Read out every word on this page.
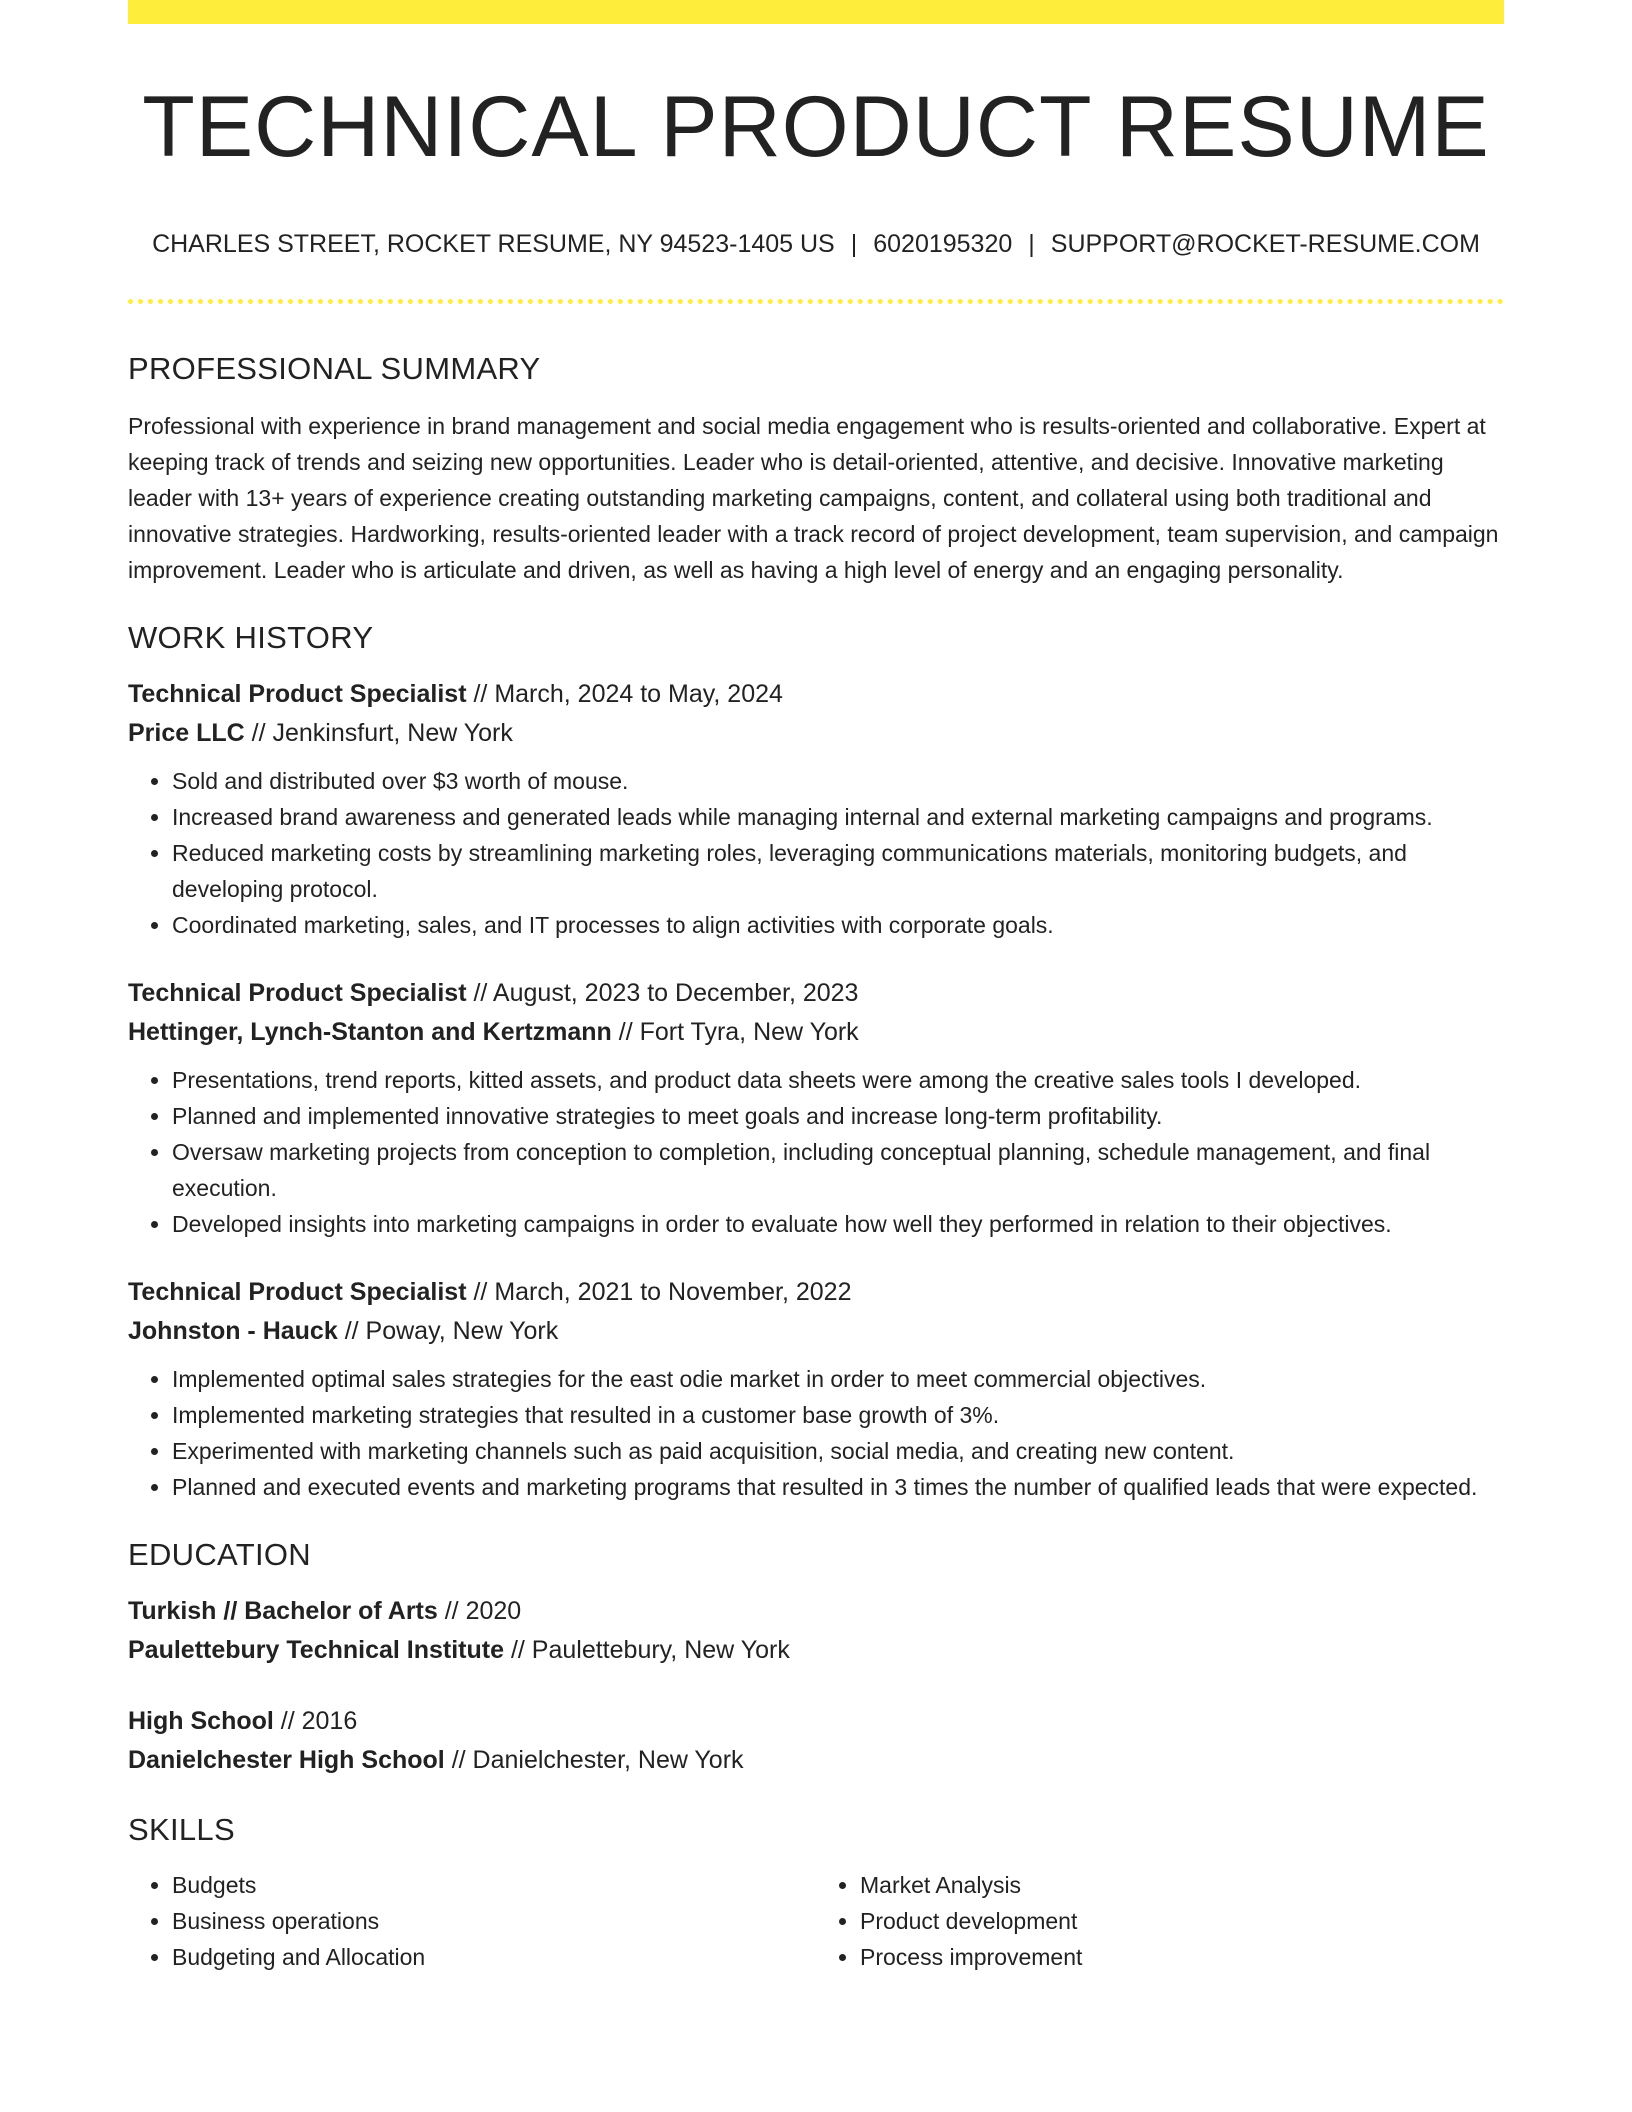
TECHNICAL PRODUCT RESUME
CHARLES STREET, ROCKET RESUME, NY 94523-1405 US | 6020195320 | SUPPORT@ROCKET-RESUME.COM
PROFESSIONAL SUMMARY
Professional with experience in brand management and social media engagement who is results-oriented and collaborative. Expert at keeping track of trends and seizing new opportunities. Leader who is detail-oriented, attentive, and decisive. Innovative marketing leader with 13+ years of experience creating outstanding marketing campaigns, content, and collateral using both traditional and innovative strategies. Hardworking, results-oriented leader with a track record of project development, team supervision, and campaign improvement. Leader who is articulate and driven, as well as having a high level of energy and an engaging personality.
WORK HISTORY
Technical Product Specialist // March, 2024 to May, 2024
Price LLC // Jenkinsfurt, New York
• Sold and distributed over $3 worth of mouse.
• Increased brand awareness and generated leads while managing internal and external marketing campaigns and programs.
• Reduced marketing costs by streamlining marketing roles, leveraging communications materials, monitoring budgets, and developing protocol.
• Coordinated marketing, sales, and IT processes to align activities with corporate goals.
Technical Product Specialist // August, 2023 to December, 2023
Hettinger, Lynch-Stanton and Kertzmann // Fort Tyra, New York
• Presentations, trend reports, kitted assets, and product data sheets were among the creative sales tools I developed.
• Planned and implemented innovative strategies to meet goals and increase long-term profitability.
• Oversaw marketing projects from conception to completion, including conceptual planning, schedule management, and final execution.
• Developed insights into marketing campaigns in order to evaluate how well they performed in relation to their objectives.
Technical Product Specialist // March, 2021 to November, 2022
Johnston - Hauck // Poway, New York
• Implemented optimal sales strategies for the east odie market in order to meet commercial objectives.
• Implemented marketing strategies that resulted in a customer base growth of 3%.
• Experimented with marketing channels such as paid acquisition, social media, and creating new content.
• Planned and executed events and marketing programs that resulted in 3 times the number of qualified leads that were expected.
EDUCATION
Turkish // Bachelor of Arts // 2020
Paulettebury Technical Institute // Paulettebury, New York
High School // 2016
Danielchester High School // Danielchester, New York
SKILLS
• Budgets
• Business operations
• Budgeting and Allocation
• Market Analysis
• Product development
• Process improvement
